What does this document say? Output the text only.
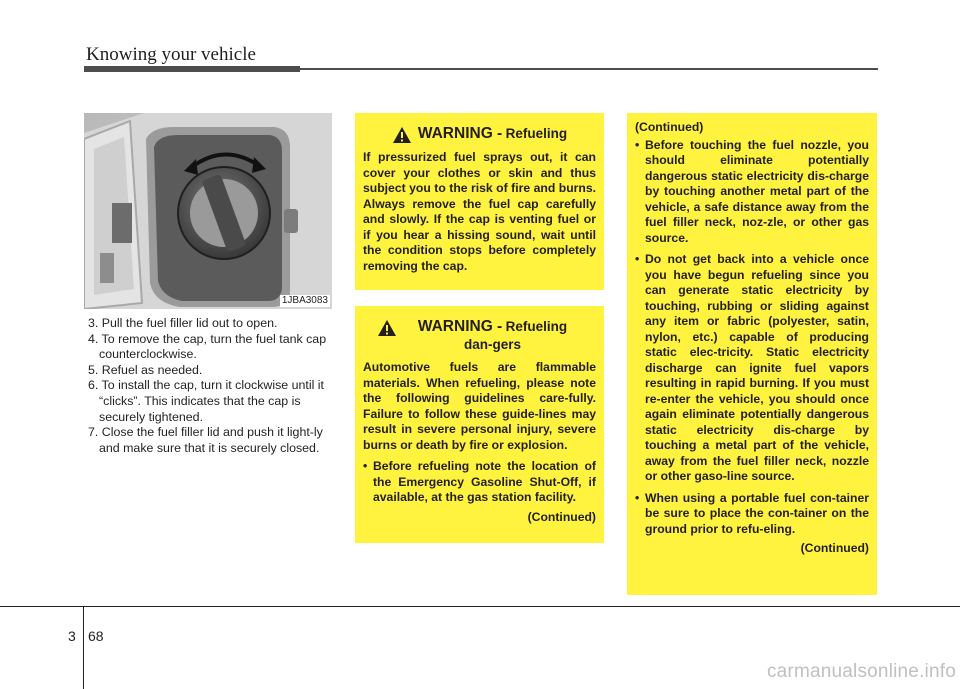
Knowing your vehicle
1JBA3083
3. Pull the fuel filler lid out to open.
4. To remove the cap, turn the fuel tank cap counterclockwise.
5. Refuel as needed.
6. To install the cap, turn it clockwise until it “clicks”. This indicates that the cap is securely tightened.
7. Close the fuel filler lid and push it light-ly and make sure that it is securely closed.
WARNING - Refueling

If pressurized fuel sprays out, it can cover your clothes or skin and thus subject you to the risk of fire and burns. Always remove the fuel cap carefully and slowly. If the cap is venting fuel or if you hear a hissing sound, wait until the condition stops before completely removing the cap.

WARNING - Refueling dan-gers

Automotive fuels are flammable materials. When refueling, please note the following guidelines care-fully. Failure to follow these guide-lines may result in severe personal injury, severe burns or death by fire or explosion.

• Before refueling note the location of the Emergency Gasoline Shut-Off, if available, at the gas station facility.

(Continued)

(Continued)

• Before touching the fuel nozzle, you should eliminate potentially dangerous static electricity dis-charge by touching another metal part of the vehicle, a safe distance away from the fuel filler neck, noz-zle, or other gas source.

• Do not get back into a vehicle once you have begun refueling since you can generate static electricity by touching, rubbing or sliding against any item or fabric (polyester, satin, nylon, etc.) capable of producing static elec-tricity. Static electricity discharge can ignite fuel vapors resulting in rapid burning. If you must re-enter the vehicle, you should once again eliminate potentially dangerous static electricity dis-charge by touching a metal part of the vehicle, away from the fuel filler neck, nozzle or other gaso-line source.

• When using a portable fuel con-tainer be sure to place the con-tainer on the ground prior to refu-eling.

(Continued)

3 68
carmanualsonline.info
